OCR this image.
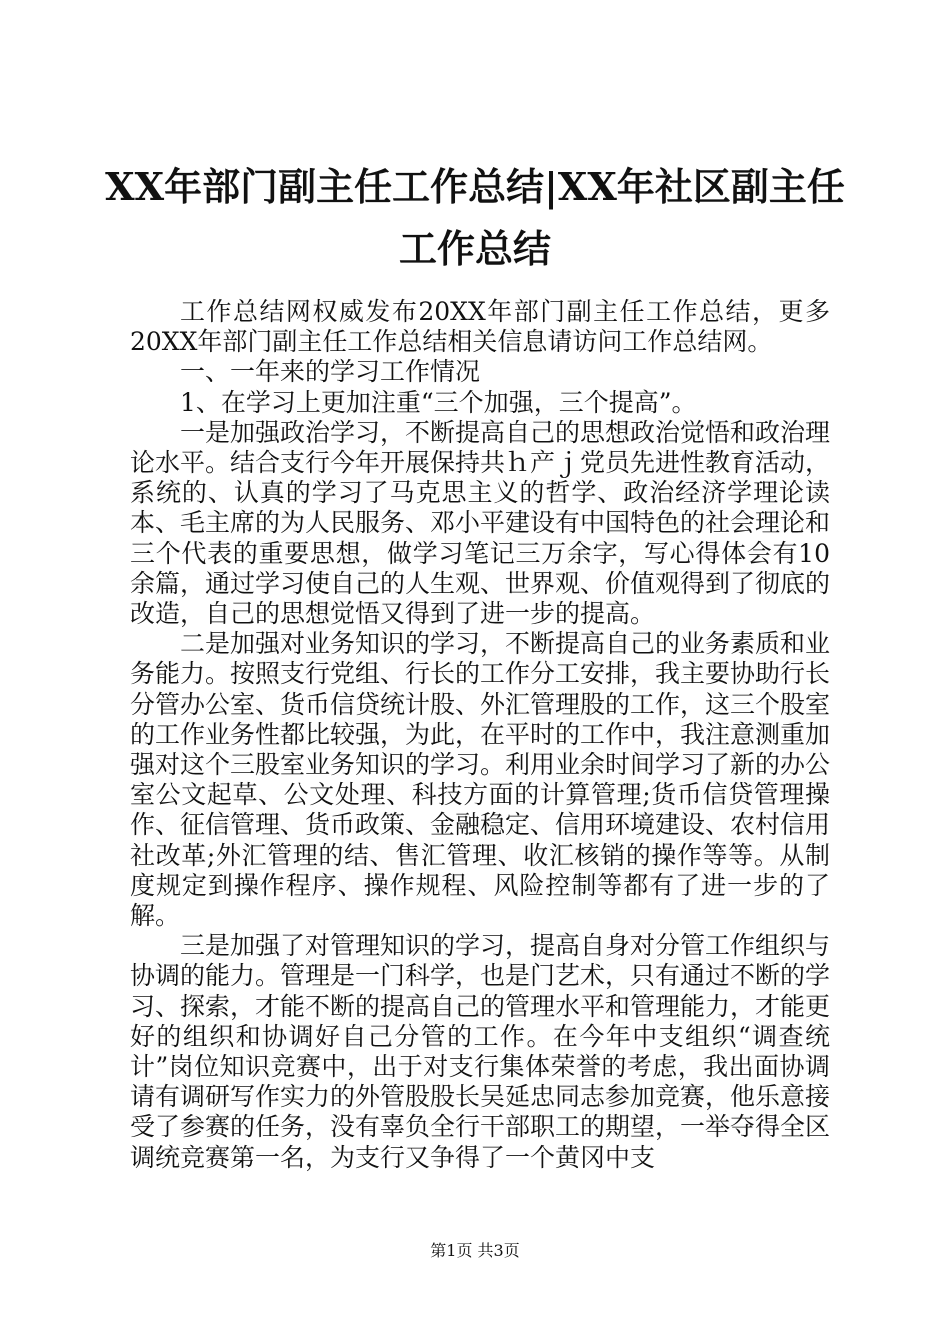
XX年部门副主任工作总结|XX年社区副主任工作总结

工作总结网权威发布20XX年部门副主任工作总结，更多20XX年部门副主任工作总结相关信息请访问工作总结网。

一、一年来的学习工作情况

1、在学习上更加注重“三个加强，三个提高”。

一是加强政治学习，不断提高自己的思想政治觉悟和政治理论水平。结合支行今年开展保持共ｈ产ｊ党员先进性教育活动，系统的、认真的学习了马克思主义的哲学、政治经济学理论读本、毛主席的为人民服务、邓小平建设有中国特色的社会理论和三个代表的重要思想，做学习笔记三万余字，写心得体会有10余篇，通过学习使自己的人生观、世界观、价值观得到了彻底的改造，自己的思想觉悟又得到了进一步的提高。

二是加强对业务知识的学习，不断提高自己的业务素质和业务能力。按照支行党组、行长的工作分工安排，我主要协助行长分管办公室、货币信贷统计股、外汇管理股的工作，这三个股室的工作业务性都比较强，为此，在平时的工作中，我注意测重加强对这个三股室业务知识的学习。利用业余时间学习了新的办公室公文起草、公文处理、科技方面的计算管理;货币信贷管理操作、征信管理、货币政策、金融稳定、信用环境建设、农村信用社改革;外汇管理的结、售汇管理、收汇核销的操作等等。从制度规定到操作程序、操作规程、风险控制等都有了进一步的了解。

三是加强了对管理知识的学习，提高自身对分管工作组织与协调的能力。管理是一门科学，也是门艺术，只有通过不断的学习、探索，才能不断的提高自己的管理水平和管理能力，才能更好的组织和协调好自己分管的工作。在今年中支组织“调查统计”岗位知识竞赛中，出于对支行集体荣誉的考虑，我出面协调请有调研写作实力的外管股股长吴延忠同志参加竞赛，他乐意接受了参赛的任务，没有辜负全行干部职工的期望，一举夺得全区调统竞赛第一名，为支行又争得了一个黄冈中支

第1页 共3页
